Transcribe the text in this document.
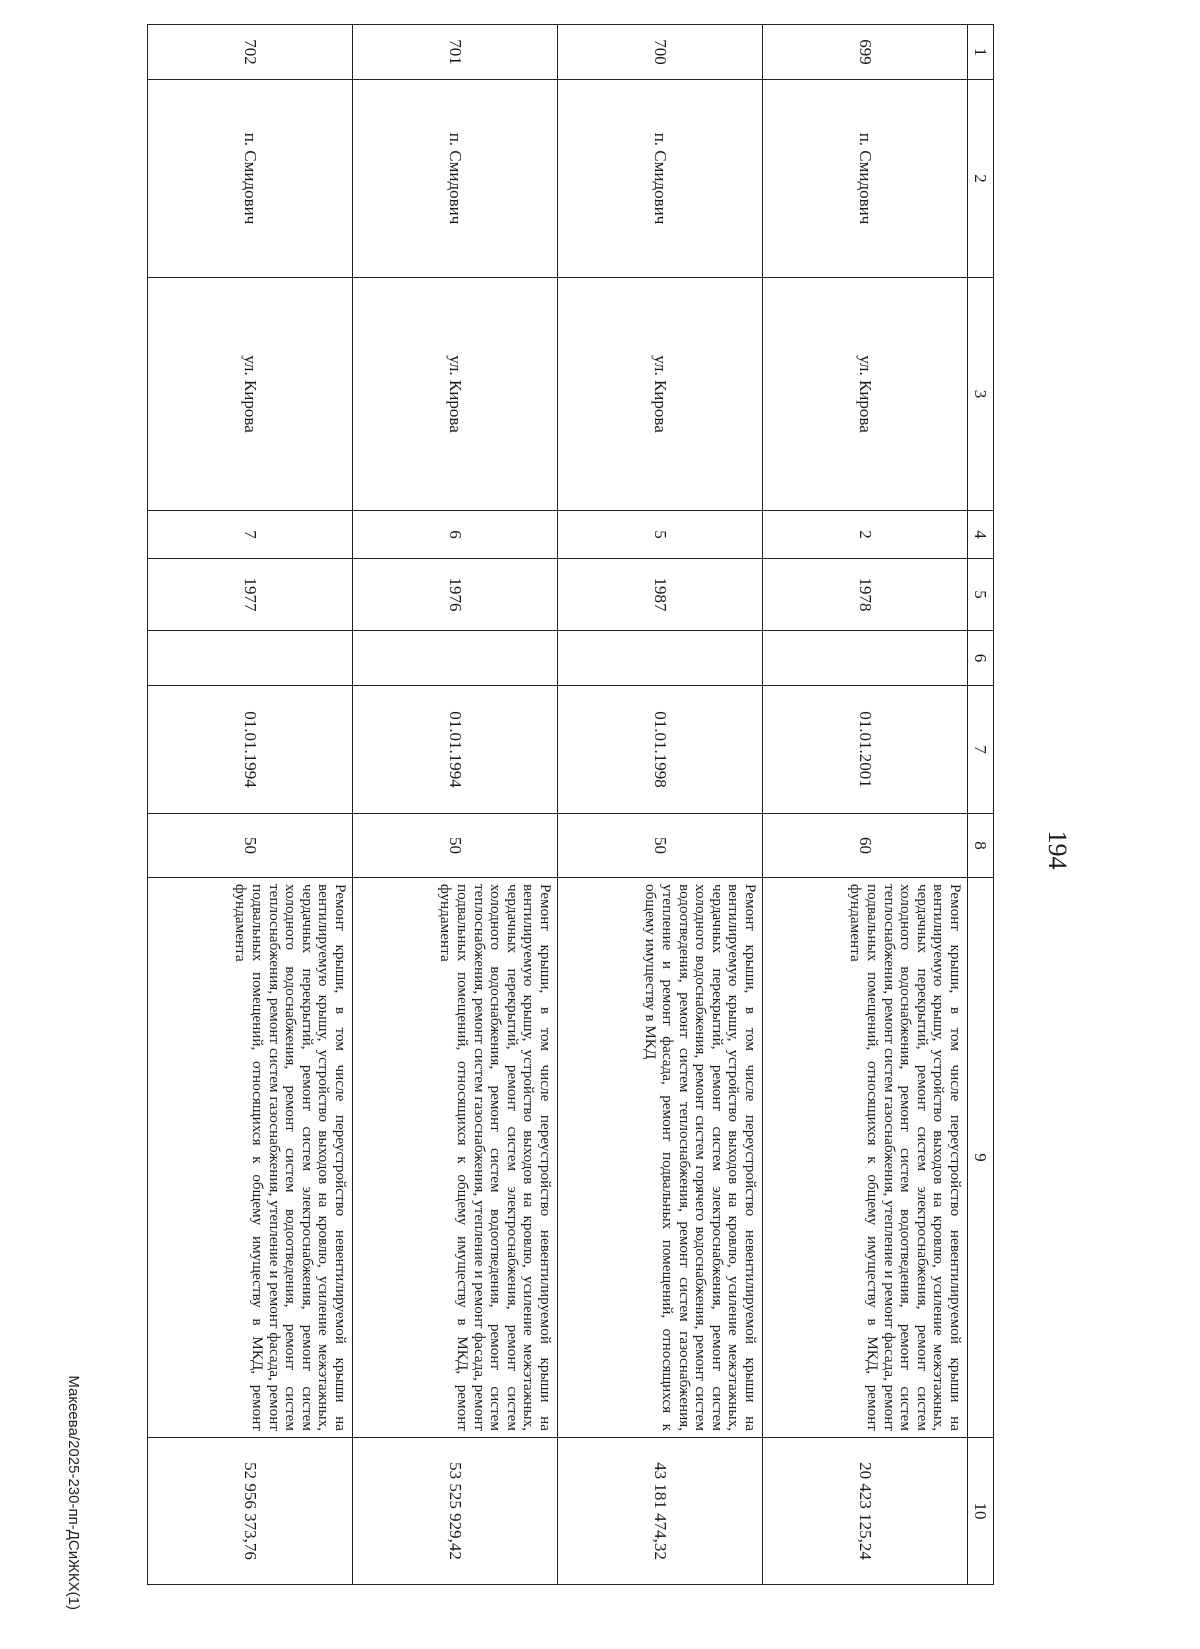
194
1	2	3	4	5	6	7	8	9	10
699	п. Смидович	ул. Кирова	2	1978		01.01.2001	60	Ремонт крыши, в том числе переустройство невентилируемой крыши на вентилируемую крышу, устройство выходов на кровлю, усиление межэтажных, чердачных перекрытий, ремонт систем электроснабжения, ремонт систем холодного водоснабжения, ремонт систем водоотведения, ремонт систем теплоснабжения, ремонт систем газоснабжения, утепление и ремонт фасада, ремонт подвальных помещений, относящихся к общему имуществу в МКД, ремонт фундамента	20 423 125,24
700	п. Смидович	ул. Кирова	5	1987		01.01.1998	50	Ремонт крыши, в том числе переустройство невентилируемой крыши на вентилируемую крышу, устройство выходов на кровлю, усиление межэтажных, чердачных перекрытий, ремонт систем электроснабжения, ремонт систем холодного водоснабжения, ремонт систем горячего водоснабжения, ремонт систем водоотведения, ремонт систем теплоснабжения, ремонт систем газоснабжения, утепление и ремонт фасада, ремонт подвальных помещений, относящихся к общему имуществу в МКД	43 181 474,32
701	п. Смидович	ул. Кирова	6	1976		01.01.1994	50	Ремонт крыши, в том числе переустройство невентилируемой крыши на вентилируемую крышу, устройство выходов на кровлю, усиление межэтажных, чердачных перекрытий, ремонт систем электроснабжения, ремонт систем холодного водоснабжения, ремонт систем водоотведения, ремонт систем теплоснабжения, ремонт систем газоснабжения, утепление и ремонт фасада, ремонт подвальных помещений, относящихся к общему имуществу в МКД, ремонт фундамента	53 525 929,42
702	п. Смидович	ул. Кирова	7	1977		01.01.1994	50	Ремонт крыши, в том числе переустройство невентилируемой крыши на вентилируемую крышу, устройство выходов на кровлю, усиление межэтажных, чердачных перекрытий, ремонт систем электроснабжения, ремонт систем холодного водоснабжения, ремонт систем водоотведения, ремонт систем теплоснабжения, ремонт систем газоснабжения, утепление и ремонт фасада, ремонт подвальных помещений, относящихся к общему имуществу в МКД, ремонт фундамента	52 956 373,76
Макеева/2025-230-пп-ДСиЖКХ(1)
